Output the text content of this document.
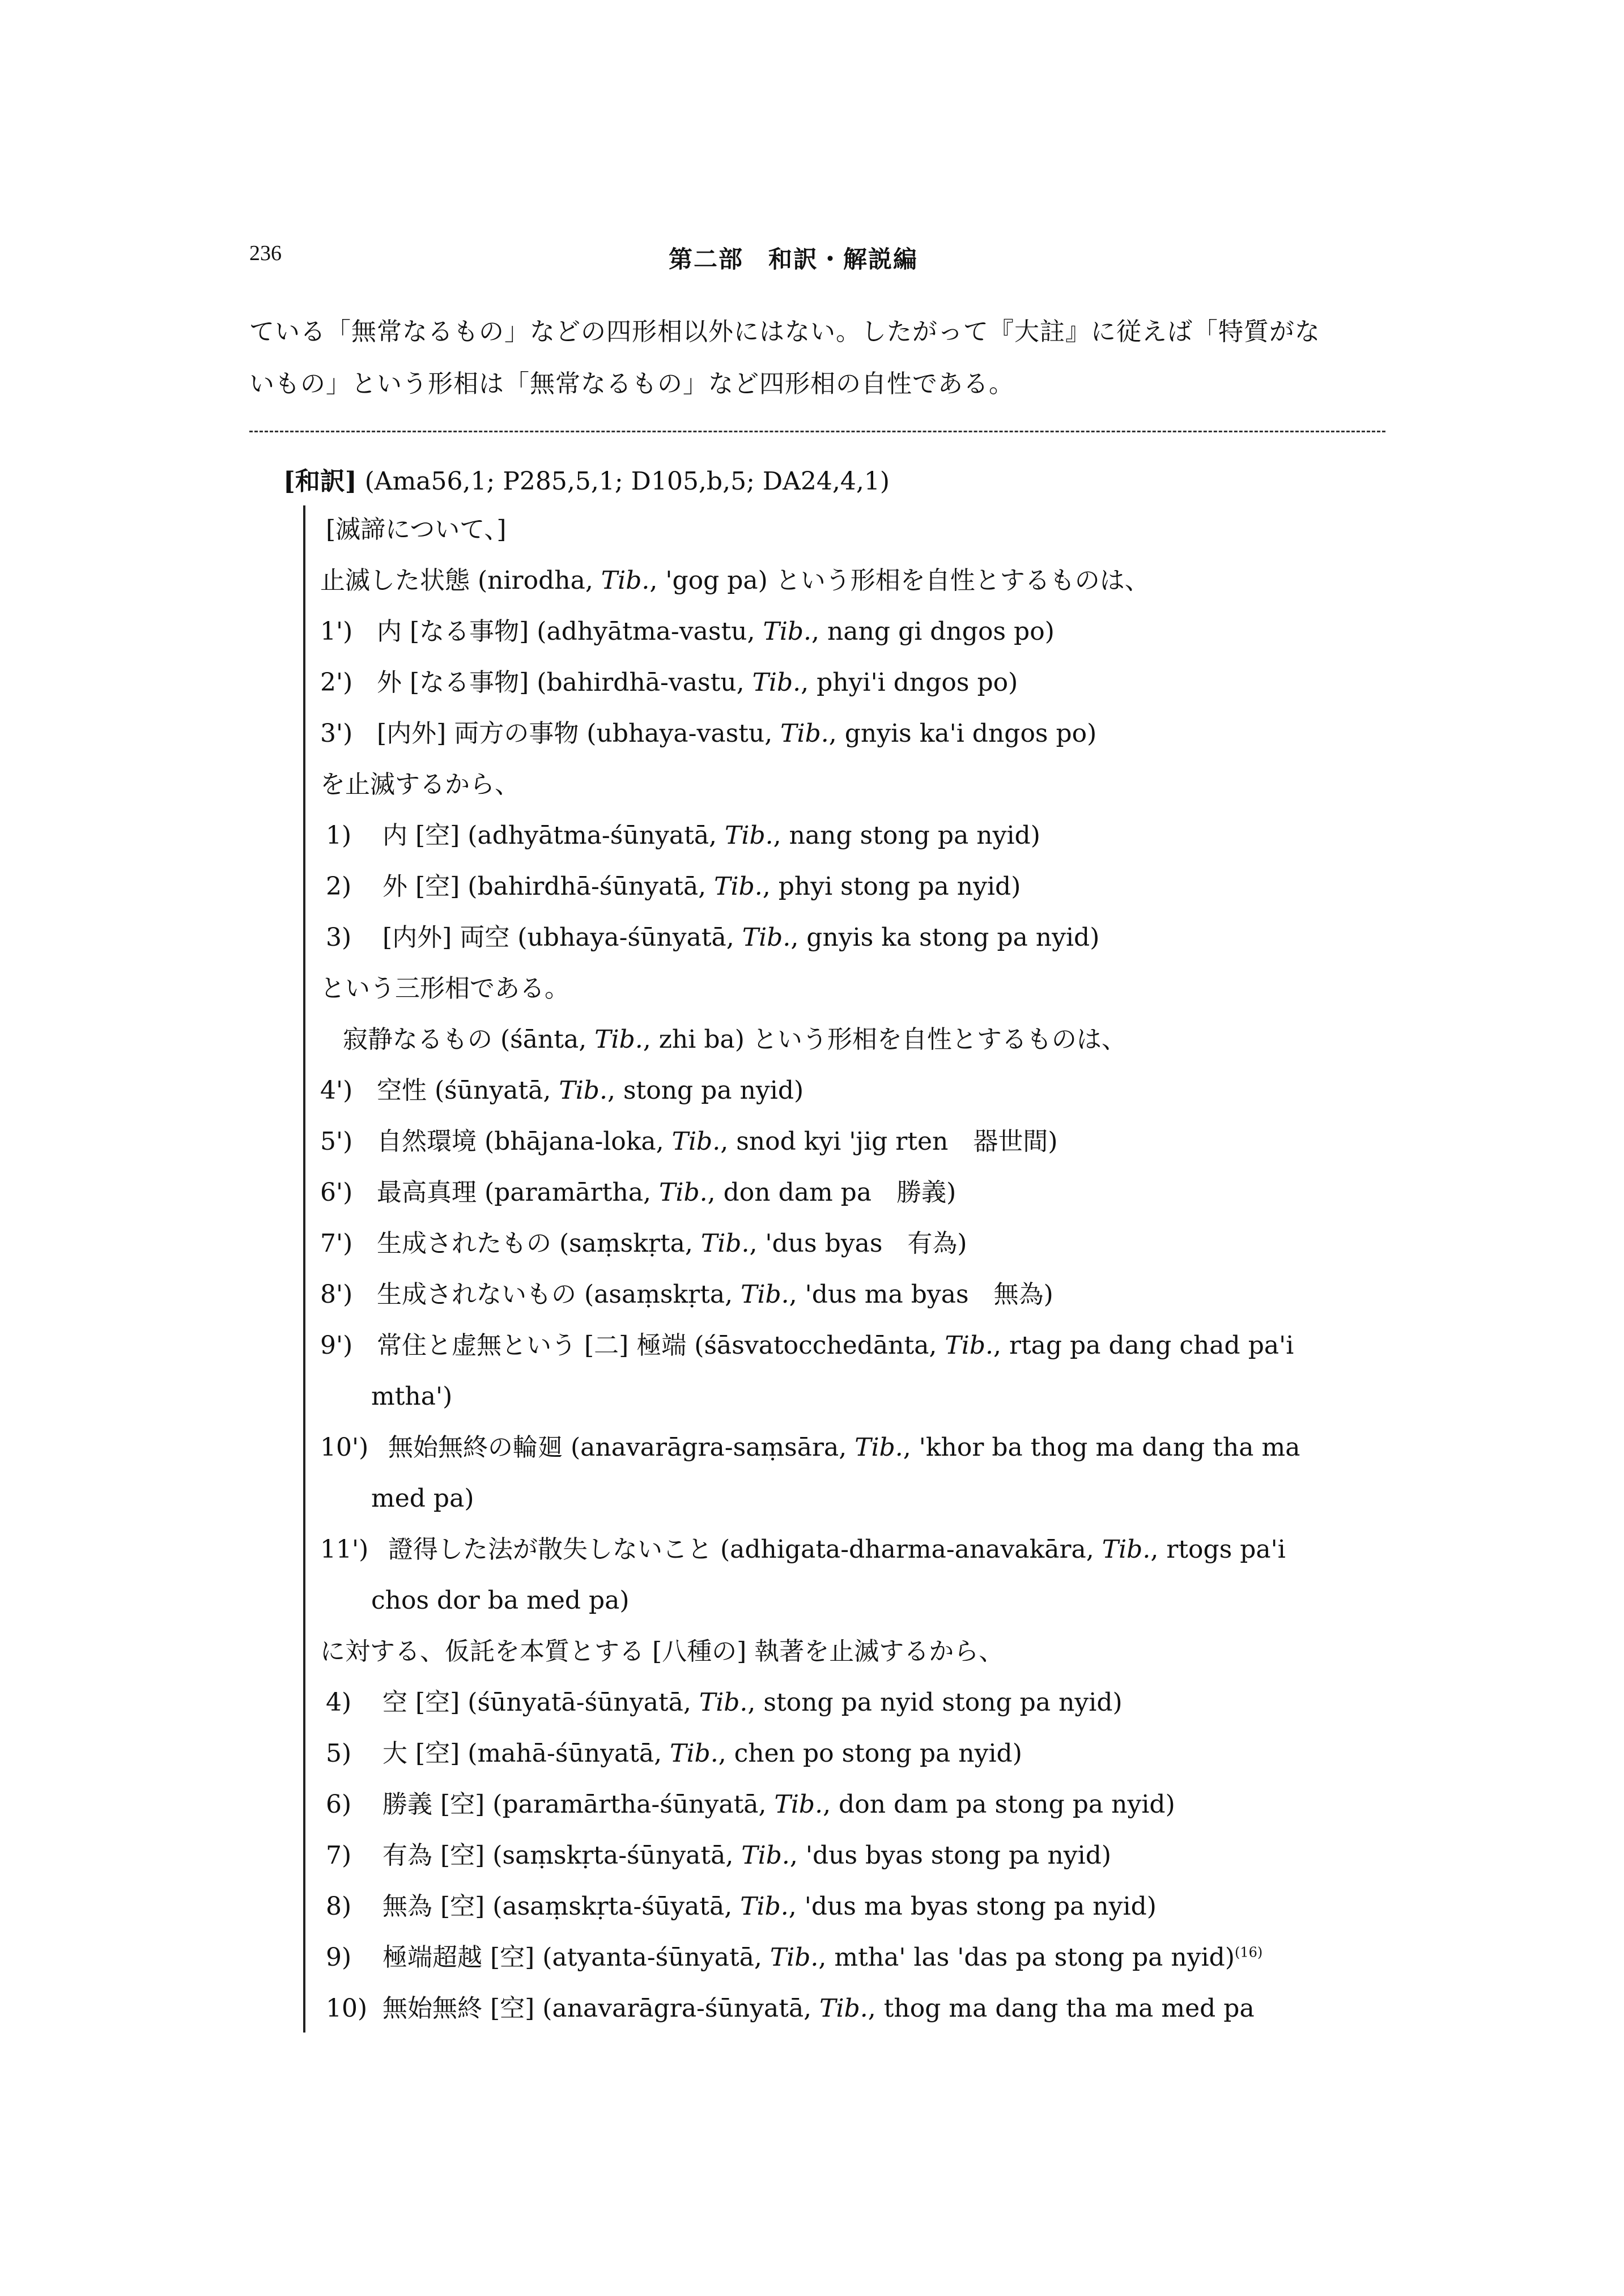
236	第二部　和訳・解説編

ている「無常なるもの」などの四形相以外にはない。したがって『大註』に従えば「特質がな

いもの」という形相は「無常なるもの」など四形相の自性である。

[和訳] (Ama56,1; P285,5,1; D105,b,5; DA24,4,1)
[滅諦について、]
止滅した状態 (nirodha, Tib., 'gog pa) という形相を自性とするものは、
1') 内 [なる事物] (adhyātma-vastu, Tib., nang gi dngos po)
2') 外 [なる事物] (bahirdhā-vastu, Tib., phyi'i dngos po)
3') [内外] 両方の事物 (ubhaya-vastu, Tib., gnyis ka'i dngos po)
を止滅するから、
1) 内 [空] (adhyātma-śūnyatā, Tib., nang stong pa nyid)
2) 外 [空] (bahirdhā-śūnyatā, Tib., phyi stong pa nyid)
3) [内外] 両空 (ubhaya-śūnyatā, Tib., gnyis ka stong pa nyid)
という三形相である。
寂静なるもの (śānta, Tib., zhi ba) という形相を自性とするものは、
4') 空性 (śūnyatā, Tib., stong pa nyid)
5') 自然環境 (bhājana-loka, Tib., snod kyi 'jig rten　器世間)
6') 最高真理 (paramārtha, Tib., don dam pa　勝義)
7') 生成されたもの (saṃskṛta, Tib., 'dus byas　有為)
8') 生成されないもの (asaṃskṛta, Tib., 'dus ma byas　無為)
9') 常住と虚無という [二] 極端 (śāsvatocchedānta, Tib., rtag pa dang chad pa'i
mtha')
10') 無始無終の輪廻 (anavarāgra-saṃsāra, Tib., 'khor ba thog ma dang tha ma
med pa)
11') 證得した法が散失しないこと (adhigata-dharma-anavakāra, Tib., rtogs pa'i
chos dor ba med pa)
に対する、仮託を本質とする [八種の] 執著を止滅するから、
4) 空 [空] (śūnyatā-śūnyatā, Tib., stong pa nyid stong pa nyid)
5) 大 [空] (mahā-śūnyatā, Tib., chen po stong pa nyid)
6) 勝義 [空] (paramārtha-śūnyatā, Tib., don dam pa stong pa nyid)
7) 有為 [空] (saṃskṛta-śūnyatā, Tib., 'dus byas stong pa nyid)
8) 無為 [空] (asaṃskṛta-śūyatā, Tib., 'dus ma byas stong pa nyid)
9) 極端超越 [空] (atyanta-śūnyatā, Tib., mtha' las 'das pa stong pa nyid)$^{(16)}$
10) 無始無終 [空] (anavarāgra-śūnyatā, Tib., thog ma dang tha ma med pa
